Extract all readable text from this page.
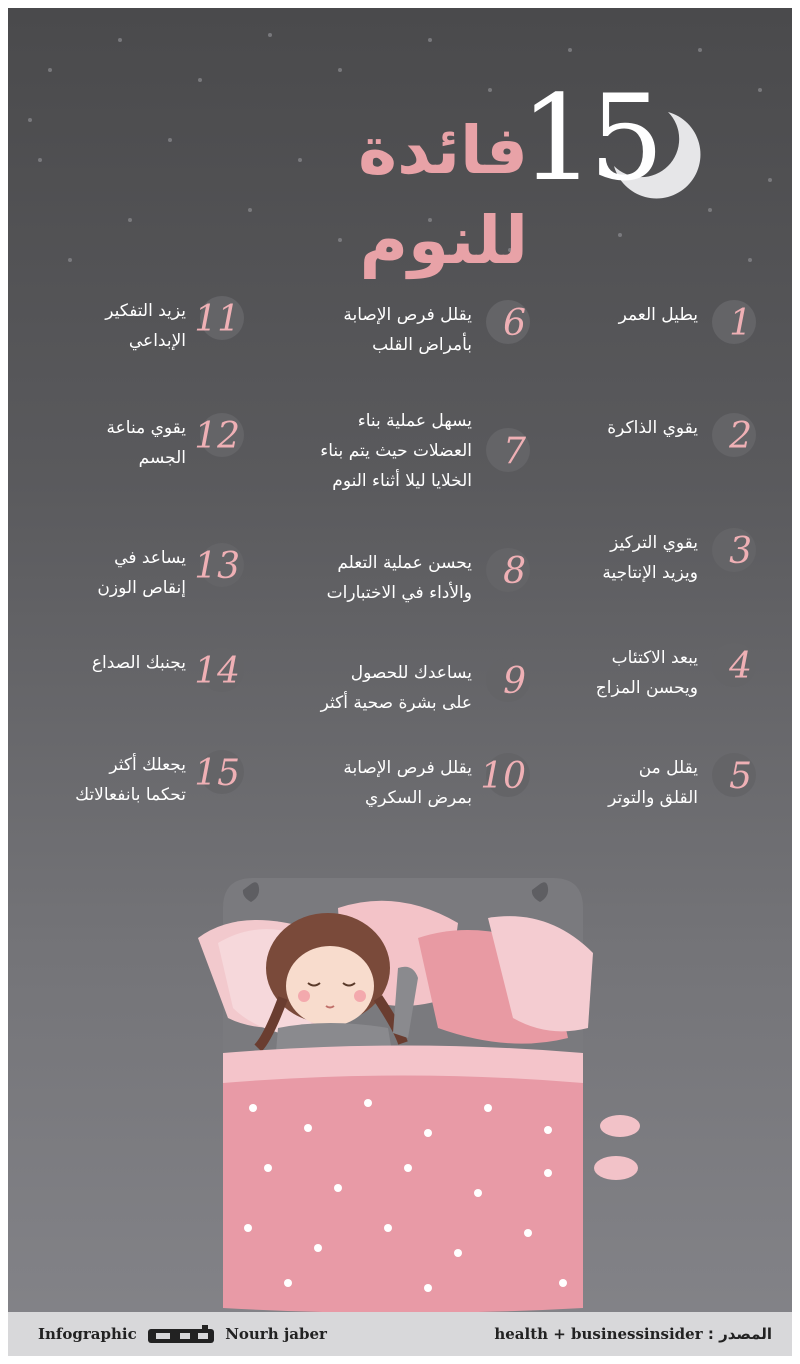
15
فائدة للنوم
1
يطيل العمر
2
يقوي الذاكرة
3
يقوي التركيز
ويزيد الإنتاجية
4
يبعد الاكتئاب
ويحسن المزاج
5
يقلل من
القلق والتوتر
6
يقلل فرص الإصابة
بأمراض القلب
7
يسهل عملية بناء
العضلات حيث يتم بناء
الخلايا ليلا أثناء النوم
8
يحسن عملية التعلم
والأداء في الاختبارات
9
يساعدك للحصول
على بشرة صحية أكثر
10
يقلل فرص الإصابة
بمرض السكري
11
يزيد التفكير
الإبداعي
12
يقوي مناعة
الجسم
13
يساعد في
إنقاص الوزن
14
يجنبك الصداع
15
يجعلك أكثر
تحكما بانفعالاتك
Infographic	Nourh jaber	health + businessinsider : المصدر
